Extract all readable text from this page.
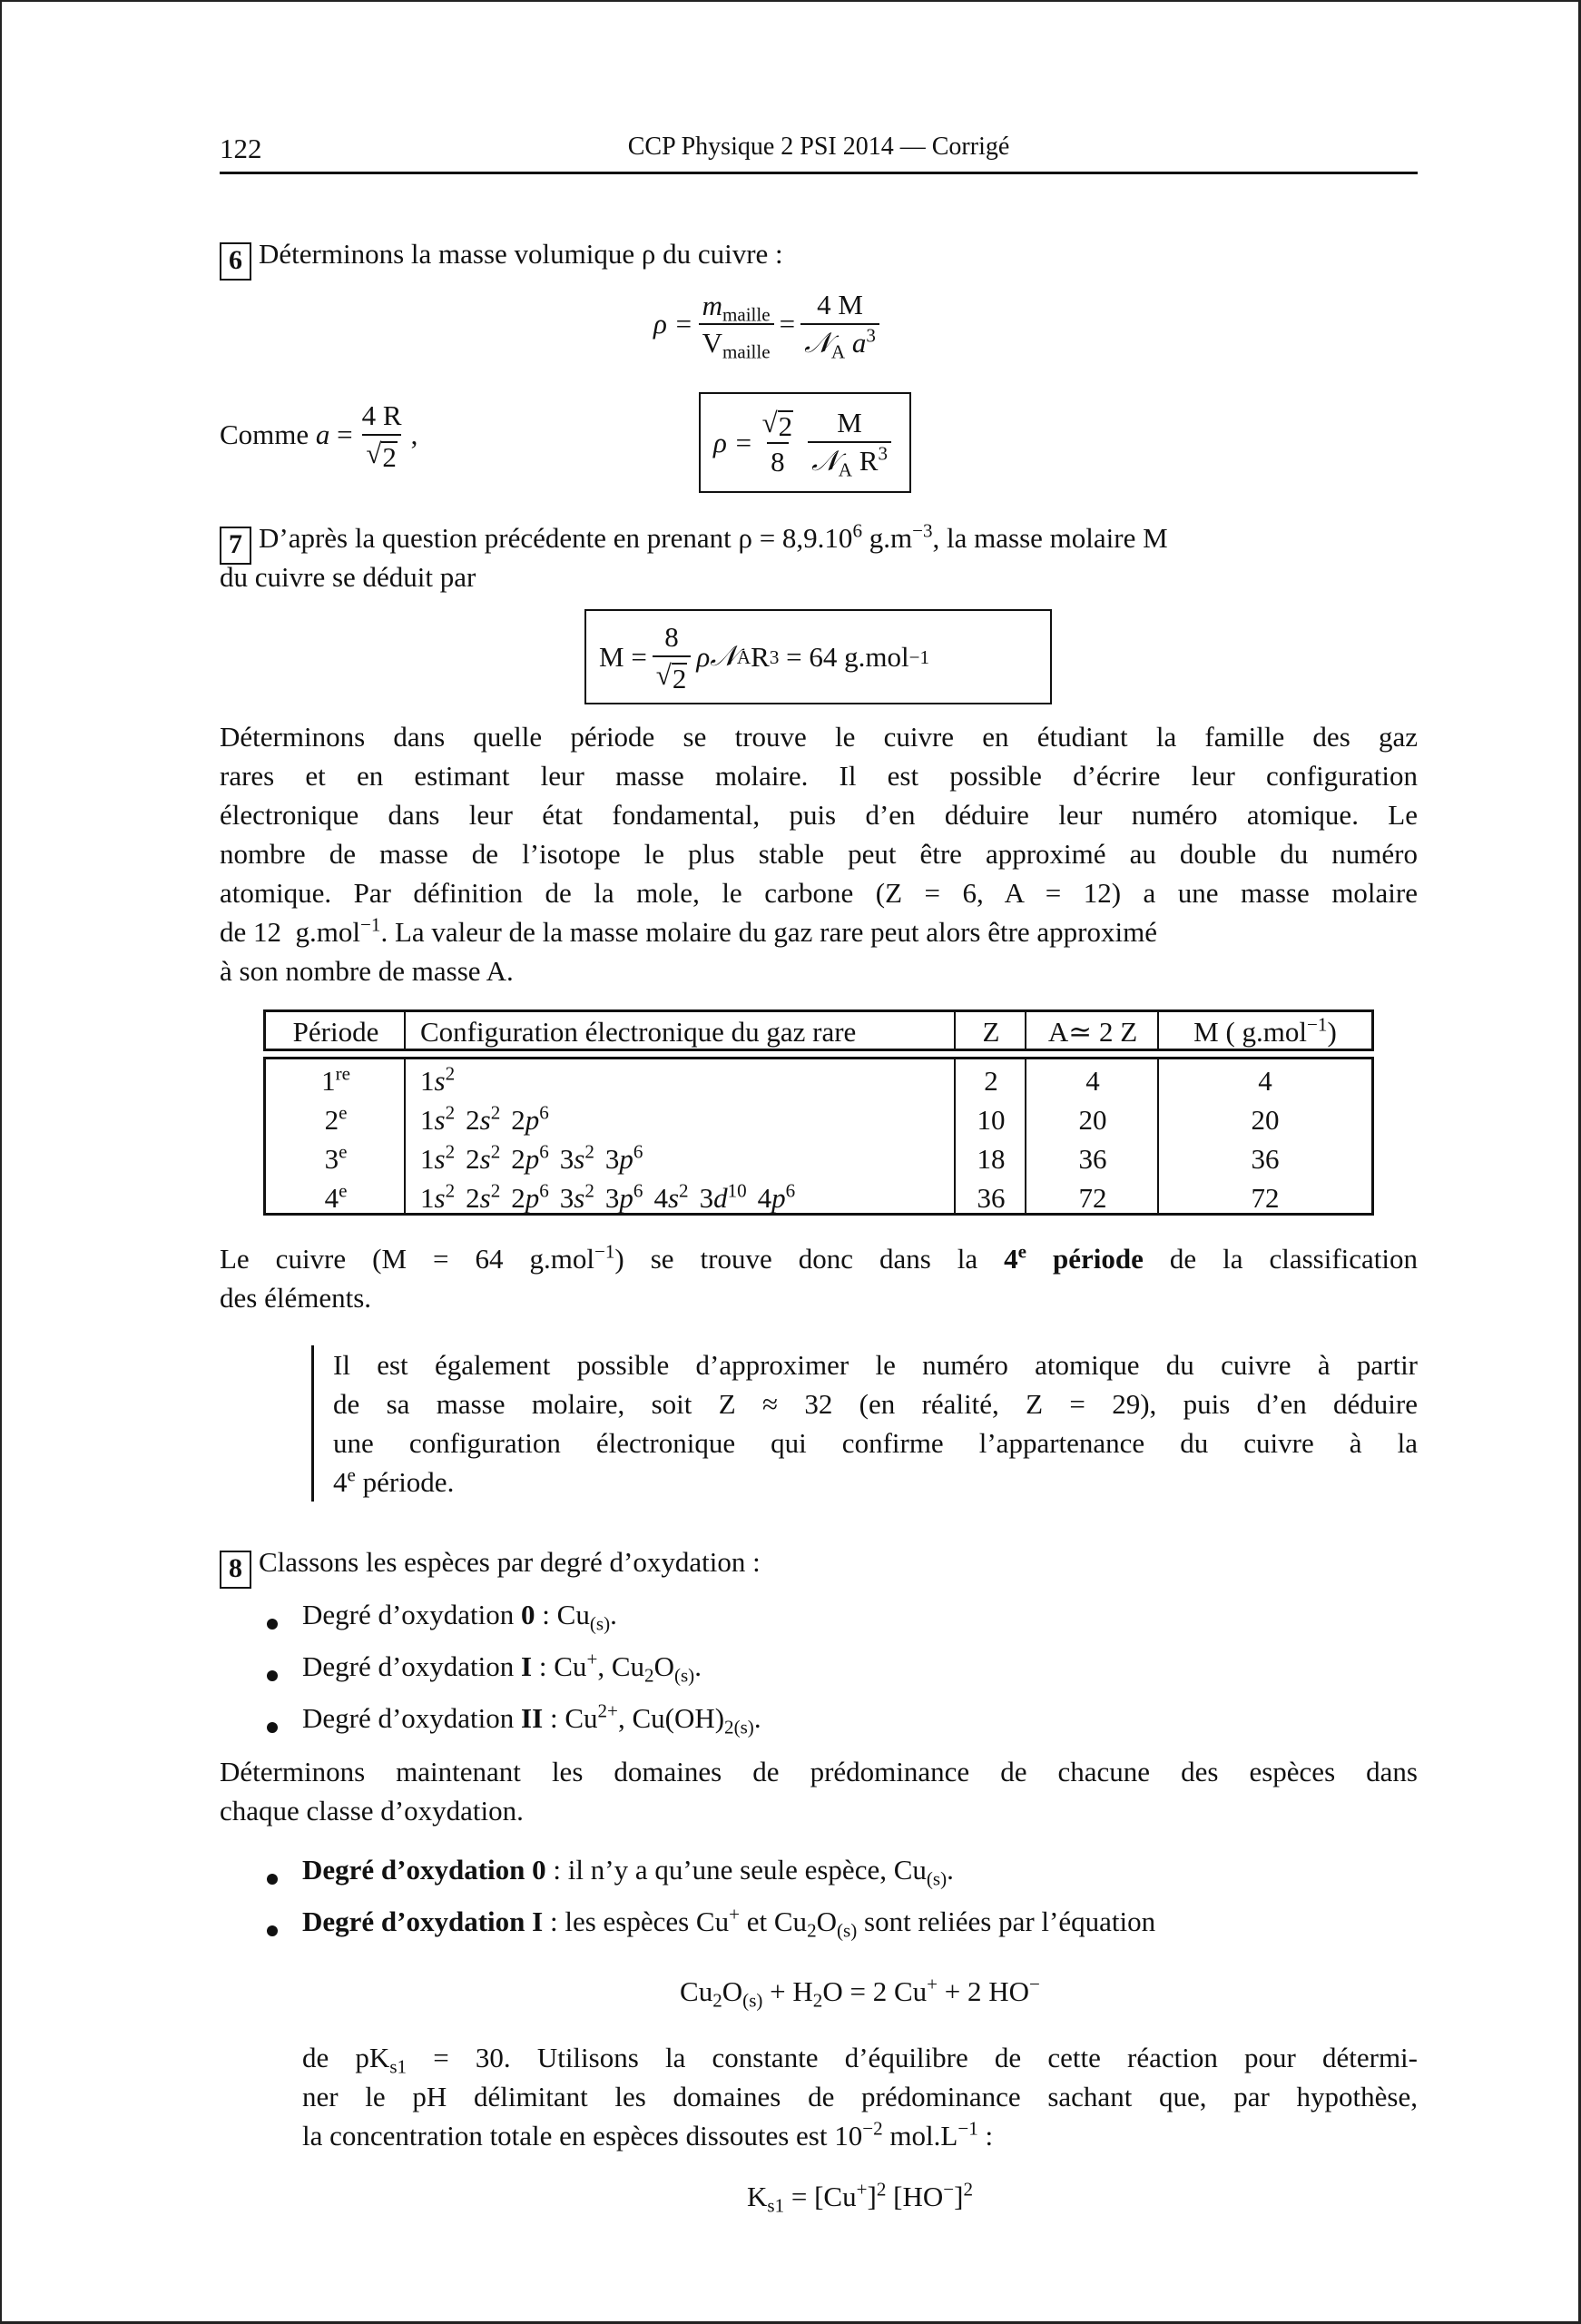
122	CCP Physique 2 PSI 2014 — Corrigé
6 Déterminons la masse volumique ρ du cuivre :
$\rho = \frac{m_{maille}}{V_{maille}} = \frac{4 M}{𝒩_A a^3}$
Comme
a
= $\frac{4 R}{√ 2}$ ,	$\rho = \frac{√ 2}{8} \frac{M}{𝒩_A R^3}$
7 D’après la question précédente en prenant $\rho = 8,9.10^6$ $g.m^{-3}$, la masse molaire M
du cuivre se déduit par
$M = \frac{8}{√ 2}$ ρ 𝒩 A R 3 = 64 g.mol −1
Déterminons dans quelle période se trouve le cuivre en étudiant la famille des gaz
rares et en estimant leur masse molaire. Il est possible d’écrire leur configuration
électronique dans leur état fondamental, puis d’en déduire leur numéro atomique. Le
nombre de masse de l’isotope le plus stable peut être approximé au double du numéro
atomique. Par définition de la mole, le carbone (Z = 6, A = 12) a une masse molaire
de 12  g.mol$^{-1}$. La valeur de la masse molaire du gaz rare peut alors être approximé
à son nombre de masse A.
Période	Configuration électronique du gaz rare	Z	A≃ 2 Z	M ( g.mol$^{-1}$)
1re	$1s^2$	2	4	4
2e	$1s^2$ $2s^2$ $2p^6$	10	20	20
3e	$1s^2$ $2s^2$ $2p^6$ $3s^2$ $3p^6$	18	36	36
4e	$1s^2$ $2s^2$ $2p^6$ $3s^2$ $3p^6$ $4s^2$ $3d^{10}$ $4p^6$	36	72	72
Le cuivre (M = 64 g.mol$^{-1}$) se trouve donc dans la 4e période de la classification
des éléments.
Il est également possible d’approximer le numéro atomique du cuivre à partir
de sa masse molaire, soit Z ≈ 32 (en réalité, Z = 29), puis d’en déduire
une configuration électronique qui confirme l’appartenance du cuivre à la
4e période.
8 Classons les espèces par degré d’oxydation :
Degré d’oxydation 0 : $Cu_{(s)}$.
Degré d’oxydation I : Cu+, $Cu_2O_{(s)}$.
Degré d’oxydation II : $Cu^{2+}$, $Cu(OH)_{2(s)}$.
Déterminons maintenant les domaines de prédominance de chacune des espèces dans
chaque classe d’oxydation.
Degré d’oxydation 0 : il n’y a qu’une seule espèce, $Cu_{(s)}$.
Degré d’oxydation I : les espèces Cu+ et $Cu_2O_{(s)}$ sont reliées par l’équation
$Cu_2O_{(s)} + H_2O = 2$ Cu+ + 2 HO−
de $pK_{s1} = 30$. Utilisons la constante d’équilibre de cette réaction pour détermi-
ner le pH délimitant les domaines de prédominance sachant que, par hypothèse,
la concentration totale en espèces dissoutes est $10^{-2}$ $mol.L^{-1}$ :
$K_{s1} = [Cu^+]^2$ $[HO^-]^2$
